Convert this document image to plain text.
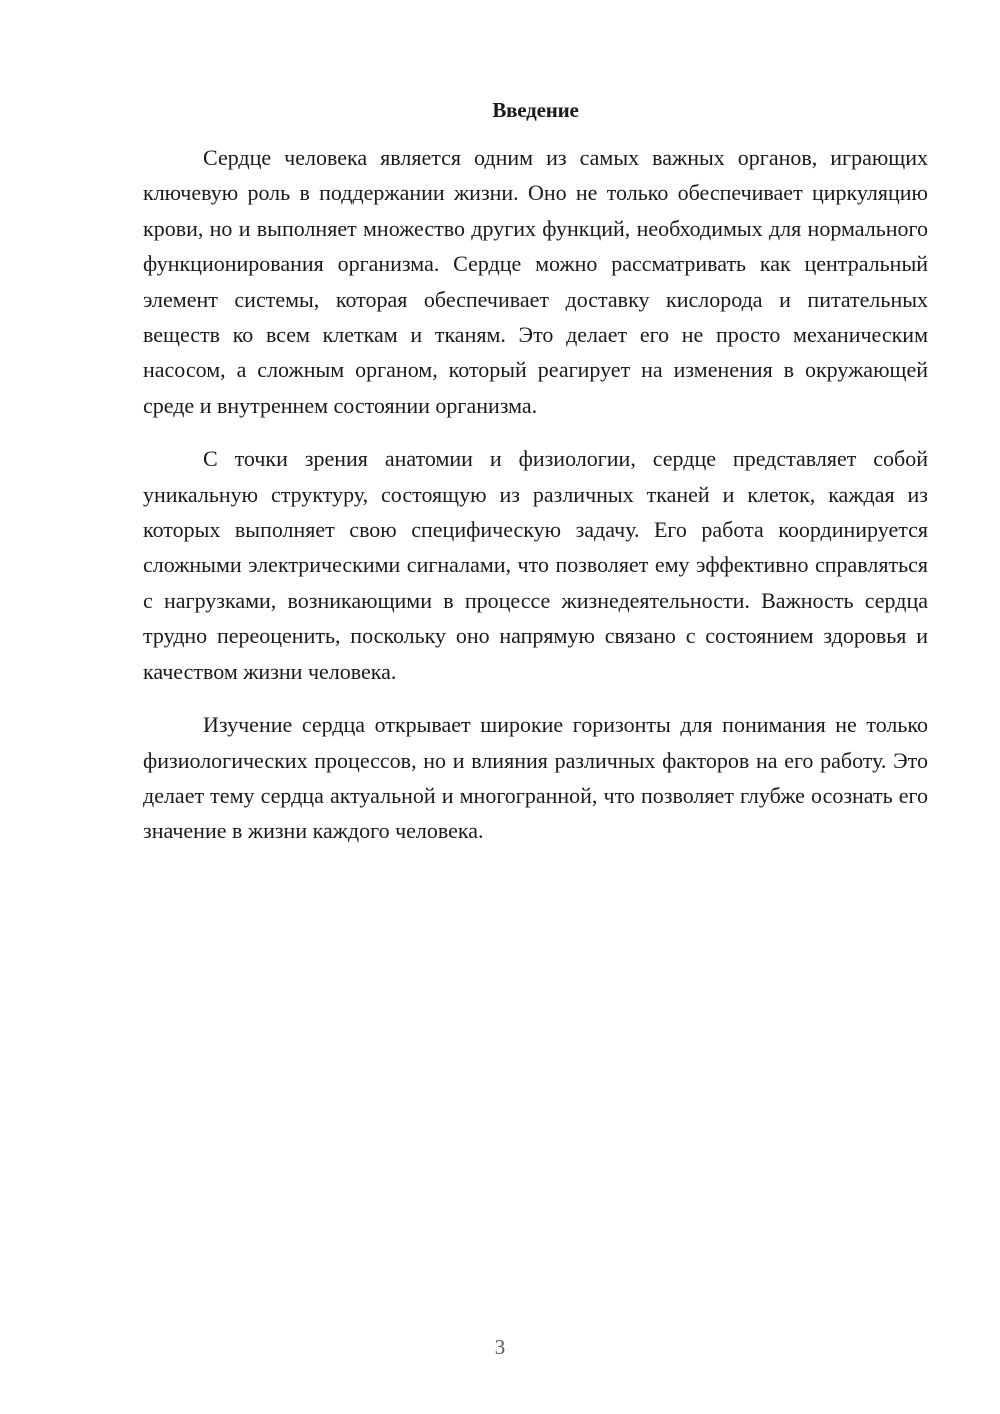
Введение

Сердце человека является одним из самых важных органов, играющих ключевую роль в поддержании жизни. Оно не только обеспечивает циркуляцию крови, но и выполняет множество других функций, необходимых для нормального функционирования организма. Сердце можно рассматривать как центральный элемент системы, которая обеспечивает доставку кислорода и питательных веществ ко всем клеткам и тканям. Это делает его не просто механическим насосом, а сложным органом, который реагирует на изменения в окружающей среде и внутреннем состоянии организма.

С точки зрения анатомии и физиологии, сердце представляет собой уникальную структуру, состоящую из различных тканей и клеток, каждая из которых выполняет свою специфическую задачу. Его работа координируется сложными электрическими сигналами, что позволяет ему эффективно справляться с нагрузками, возникающими в процессе жизнедеятельности. Важность сердца трудно переоценить, поскольку оно напрямую связано с состоянием здоровья и качеством жизни человека.

Изучение сердца открывает широкие горизонты для понимания не только физиологических процессов, но и влияния различных факторов на его работу. Это делает тему сердца актуальной и многогранной, что позволяет глубже осознать его значение в жизни каждого человека.

3
